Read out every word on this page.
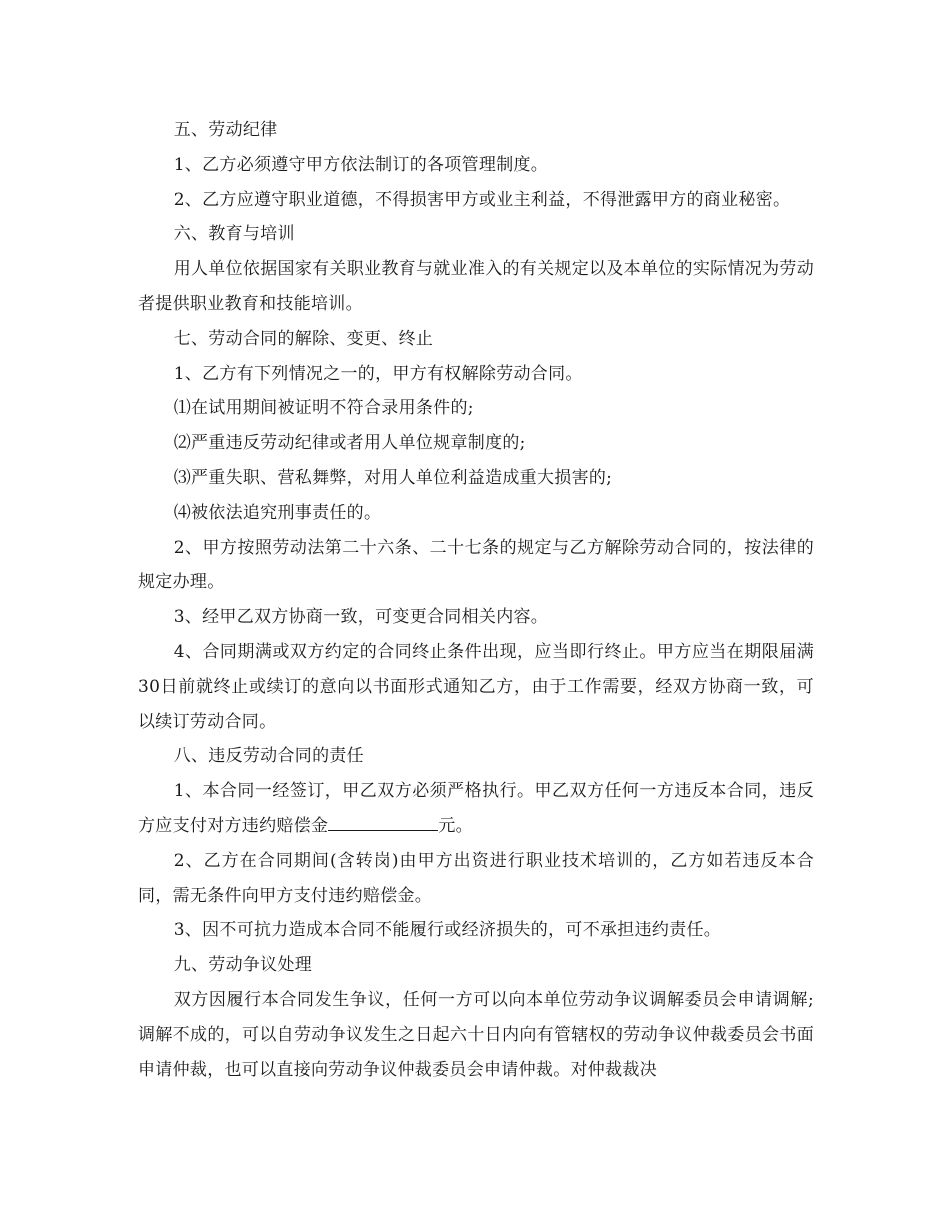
五、劳动纪律

1、乙方必须遵守甲方依法制订的各项管理制度。

2、乙方应遵守职业道德，不得损害甲方或业主利益，不得泄露甲方的商业秘密。

六、教育与培训

用人单位依据国家有关职业教育与就业准入的有关规定以及本单位的实际情况为劳动者提供职业教育和技能培训。

七、劳动合同的解除、变更、终止

1、乙方有下列情况之一的，甲方有权解除劳动合同。

⑴在试用期间被证明不符合录用条件的;

⑵严重违反劳动纪律或者用人单位规章制度的;

⑶严重失职、营私舞弊，对用人单位利益造成重大损害的;

⑷被依法追究刑事责任的。

2、甲方按照劳动法第二十六条、二十七条的规定与乙方解除劳动合同的，按法律的规定办理。

3、经甲乙双方协商一致，可变更合同相关内容。

4、合同期满或双方约定的合同终止条件出现，应当即行终止。甲方应当在期限届满30日前就终止或续订的意向以书面形式通知乙方，由于工作需要，经双方协商一致，可以续订劳动合同。

八、违反劳动合同的责任

1、本合同一经签订，甲乙双方必须严格执行。甲乙双方任何一方违反本合同，违反方应支付对方违约赔偿金	元。

2、乙方在合同期间(含转岗)由甲方出资进行职业技术培训的，乙方如若违反本合同，需无条件向甲方支付违约赔偿金。

3、因不可抗力造成本合同不能履行或经济损失的，可不承担违约责任。

九、劳动争议处理

双方因履行本合同发生争议，任何一方可以向本单位劳动争议调解委员会申请调解;调解不成的，可以自劳动争议发生之日起六十日内向有管辖权的劳动争议仲裁委员会书面申请仲裁，也可以直接向劳动争议仲裁委员会申请仲裁。对仲裁裁决
